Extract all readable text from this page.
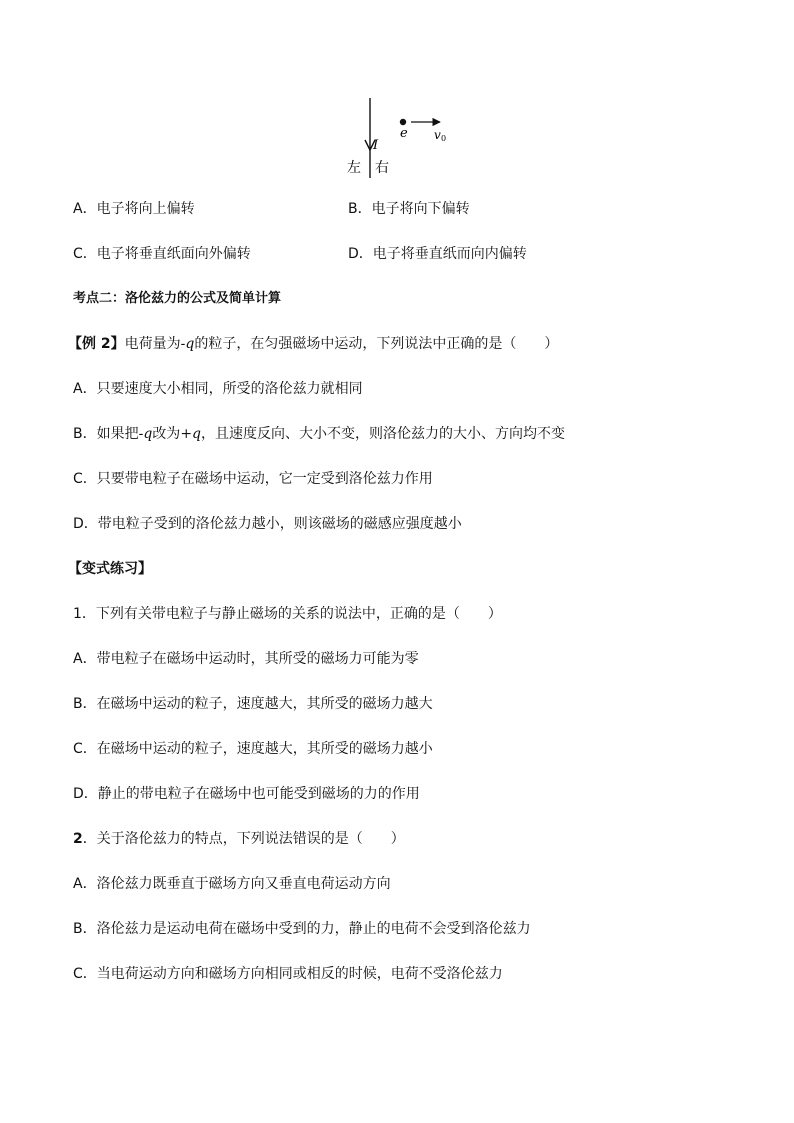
I
e v 0
左 右
A．电子将向上偏转	B．电子将向下偏转
C．电子将垂直纸面向外偏转	D．电子将垂直纸而向内偏转
考点二：洛伦兹力的公式及简单计算
【例 2】电荷量为-q的粒子，在匀强磁场中运动，下列说法中正确的是（　　）
A．只要速度大小相同，所受的洛伦兹力就相同
B．如果把-q改为+q，且速度反向、大小不变，则洛伦兹力的大小、方向均不变
C．只要带电粒子在磁场中运动，它一定受到洛伦兹力作用
D．带电粒子受到的洛伦兹力越小，则该磁场的磁感应强度越小
【变式练习】
1．下列有关带电粒子与静止磁场的关系的说法中，正确的是（　　）
A．带电粒子在磁场中运动时，其所受的磁场力可能为零
B．在磁场中运动的粒子，速度越大，其所受的磁场力越大
C．在磁场中运动的粒子，速度越大，其所受的磁场力越小
D．静止的带电粒子在磁场中也可能受到磁场的力的作用
2．关于洛伦兹力的特点，下列说法错误的是（　　）
A．洛伦兹力既垂直于磁场方向又垂直电荷运动方向
B．洛伦兹力是运动电荷在磁场中受到的力，静止的电荷不会受到洛伦兹力
C．当电荷运动方向和磁场方向相同或相反的时候，电荷不受洛伦兹力
